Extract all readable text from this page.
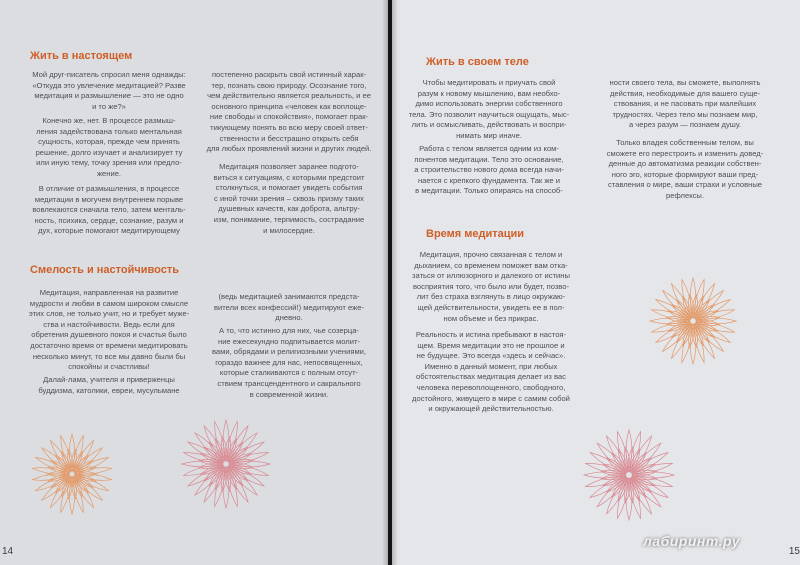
Жить в настоящем

Мой друг-писатель спросил меня однажды:

«Откуда это увлечение медитацией? Разве

медитация и размышление — это не одно

и то же?»

Конечно же, нет. В процессе размыш-

ления задействована только ментальная

сущность, которая, прежде чем принять

решение, долго изучает и анализирует ту

или иную тему, точку зрения или предло-

жение.

В отличие от размышления, в процессе

медитации в могучем внутреннем порыве

вовлекаются сначала тело, затем менталь-

ность, психика, сердце, сознание, разум и

дух, которые помогают медитирующему

постепенно раскрыть свой истинный харак-

тер, познать свою природу. Осознание того,

чем действительно является реальность, и ее

основного принципа «человек как воплоще-

ние свободы и спокойствия», помогает прак-

тикующему понять во всю меру своей ответ-

ственности и бесстрашно открыть себя

для любых проявлений жизни и других людей.

Медитация позволяет заранее подгото-

виться к ситуациям, с которыми предстоит

столкнуться, и помогает увидеть события

с иной точки зрения – сквозь призму таких

душевных качеств, как доброта, альтру-

изм, понимание, терпимость, сострадание

и милосердие.

Смелость и настойчивость

Медитация, направленная на развитие

мудрости и любви в самом широком смысле

этих слов, не только учит, но и требует муже-

ства и настойчивости. Ведь если для

обретения душевного покоя и счастья было

достаточно время от времени медитировать

несколько минут, то все мы давно были бы

спокойны и счастливы!

Далай-лама, учителя и приверженцы

буддизма, католики, евреи, мусульмане

(ведь медитацией занимаются предста-

вители всех конфессий!) медитируют еже-

дневно.

А то, что истинно для них, чье созерца-

ние ежесекундно подпитывается молит-

вами, обрядами и религиозными учениями,

гораздо важнее для нас, непосвященных,

которые сталкиваются с полным отсут-

ствием трансцендентного и сакрального

в современной жизни.

14
Жить в своем теле

Чтобы медитировать и приучать свой

разум к новому мышлению, вам необхо-

димо использовать энергии собственного

тела. Это позволит научиться ощущать, мыс-

лить и осмысливать, действовать и воспри-

нимать мир иначе.

Работа с телом является одним из ком-

понентов медитации. Тело это основание,

а строительство нового дома всегда начи-

нается с крепкого фундамента. Так же и

в медитации. Только опираясь на способ-

ности своего тела, вы сможете, выполнять

действия, необходимые для вашего суще-

ствования, и не пасовать при малейших

трудностях. Через тело мы познаем мир,

а через разум — познаем душу.

Только владея собственным телом, вы

сможете его перестроить и изменить довед-

денные до автоматизма реакции собствен-

ного эго, которые формируют ваши пред-

ставления о мире, ваши страхи и условные

рефлексы.

Время медитации

Медитация, прочно связанная с телом и

дыханием, со временем поможет вам отка-

заться от иллюзорного и далекого от истины

восприятия того, что было или будет, позво-

лит без страха взглянуть в лицо окружаю-

щей действительности, увидеть ее в пол-

ном объеме и без прикрас.

Реальность и истина пребывают в настоя-

щем. Время медитации это не прошлое и

не будущее. Это всегда «здесь и сейчас».

Именно в данный момент, при любых

обстоятельствах медитация делает из вас

человека перевоплощенного, свободного,

достойного, живущего в мире с самим собой

и окружающей действительностью.

15
лабиринт.ру
